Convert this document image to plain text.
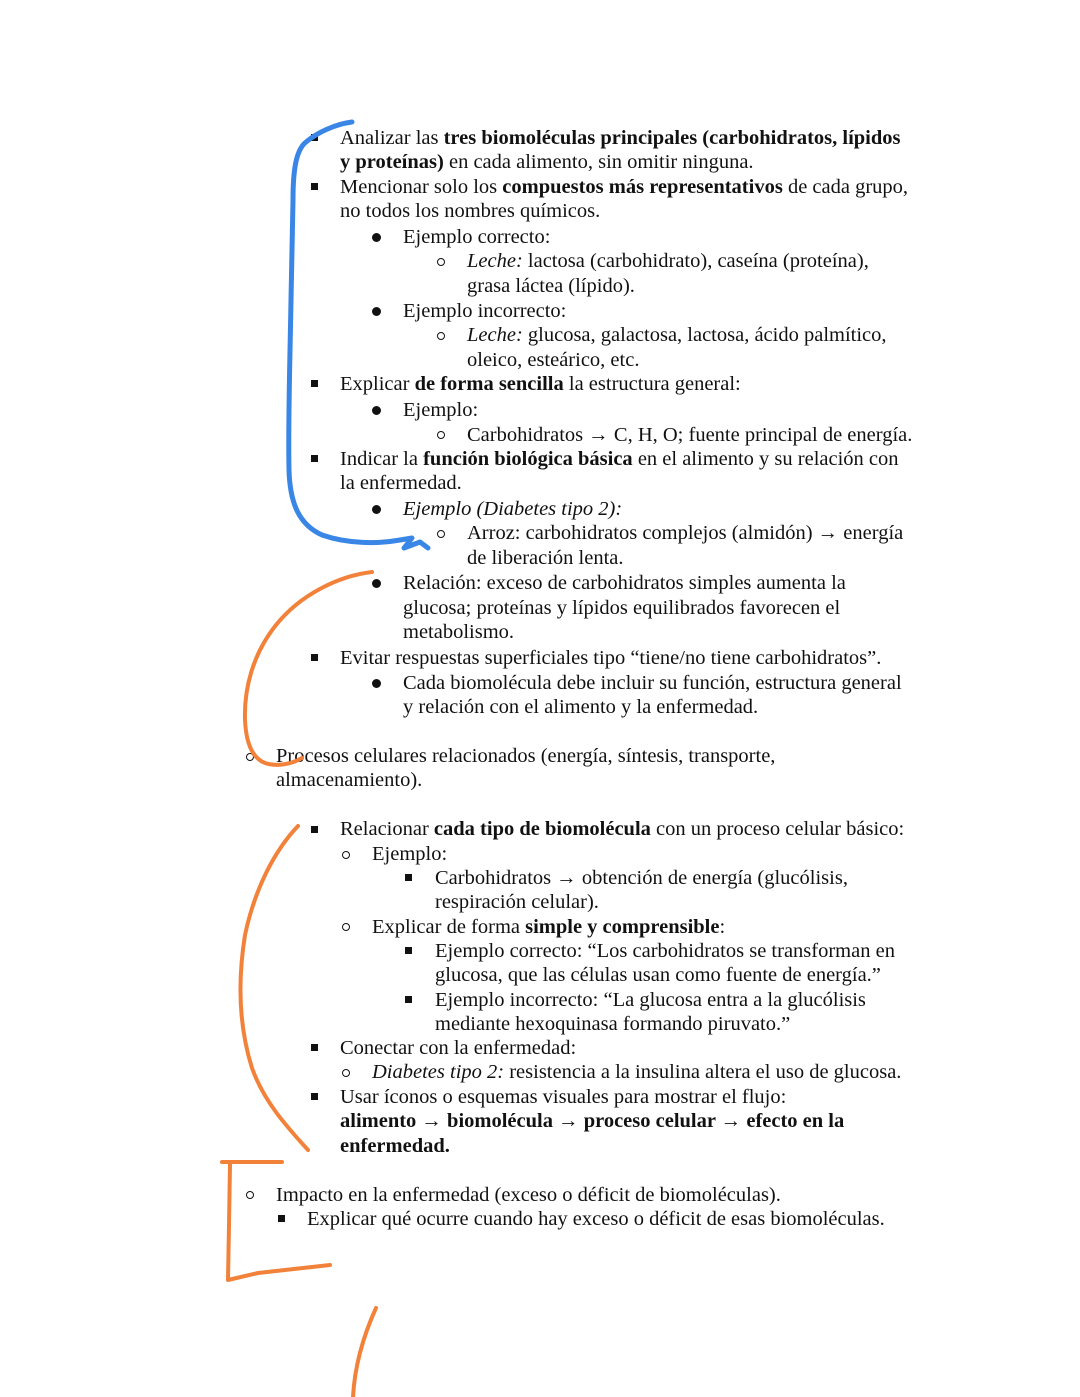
Analizar las tres biomoléculas principales (carbohidratos, lípidos
y proteínas) en cada alimento, sin omitir ninguna.
Mencionar solo los compuestos más representativos de cada grupo,
no todos los nombres químicos.
Ejemplo correcto:
Leche: lactosa (carbohidrato), caseína (proteína),
grasa láctea (lípido).
Ejemplo incorrecto:
Leche: glucosa, galactosa, lactosa, ácido palmítico,
oleico, esteárico, etc.
Explicar de forma sencilla la estructura general:
Ejemplo:
Carbohidratos → C, H, O; fuente principal de energía.
Indicar la función biológica básica en el alimento y su relación con
la enfermedad.
Ejemplo (Diabetes tipo 2):
Arroz: carbohidratos complejos (almidón) → energía
de liberación lenta.
Relación: exceso de carbohidratos simples aumenta la
glucosa; proteínas y lípidos equilibrados favorecen el
metabolismo.
Evitar respuestas superficiales tipo “tiene/no tiene carbohidratos”.
Cada biomolécula debe incluir su función, estructura general
y relación con el alimento y la enfermedad.
Procesos celulares relacionados (energía, síntesis, transporte,
almacenamiento).
Relacionar cada tipo de biomolécula con un proceso celular básico:
Ejemplo:
Carbohidratos → obtención de energía (glucólisis,
respiración celular).
Explicar de forma simple y comprensible:
Ejemplo correcto: “Los carbohidratos se transforman en
glucosa, que las células usan como fuente de energía.”
Ejemplo incorrecto: “La glucosa entra a la glucólisis
mediante hexoquinasa formando piruvato.”
Conectar con la enfermedad:
Diabetes tipo 2: resistencia a la insulina altera el uso de glucosa.
Usar íconos o esquemas visuales para mostrar el flujo:
alimento → biomolécula → proceso celular → efecto en la
enfermedad.
Impacto en la enfermedad (exceso o déficit de biomoléculas).
Explicar qué ocurre cuando hay exceso o déficit de esas biomoléculas.
